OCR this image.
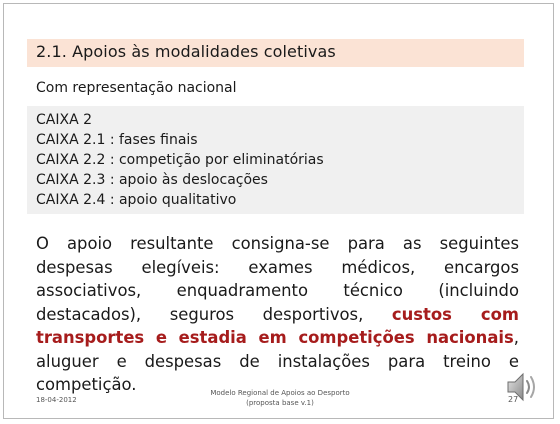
2.1. Apoios às modalidades coletivas
Com representação nacional
CAIXA 2
CAIXA 2.1 : fases finais
CAIXA 2.2 : competição por eliminatórias
CAIXA 2.3 : apoio às deslocações
CAIXA 2.4 : apoio qualitativo
O apoio resultante consigna-se para as seguintes despesas elegíveis: exames médicos, encargos associativos, enquadramento técnico (incluindo destacados), seguros desportivos, custos com transportes e estadia em competições nacionais, aluguer e despesas de instalações para treino e competição.
18-04-2012
Modelo Regional de Apoios ao Desporto
(proposta base v.1)	27
